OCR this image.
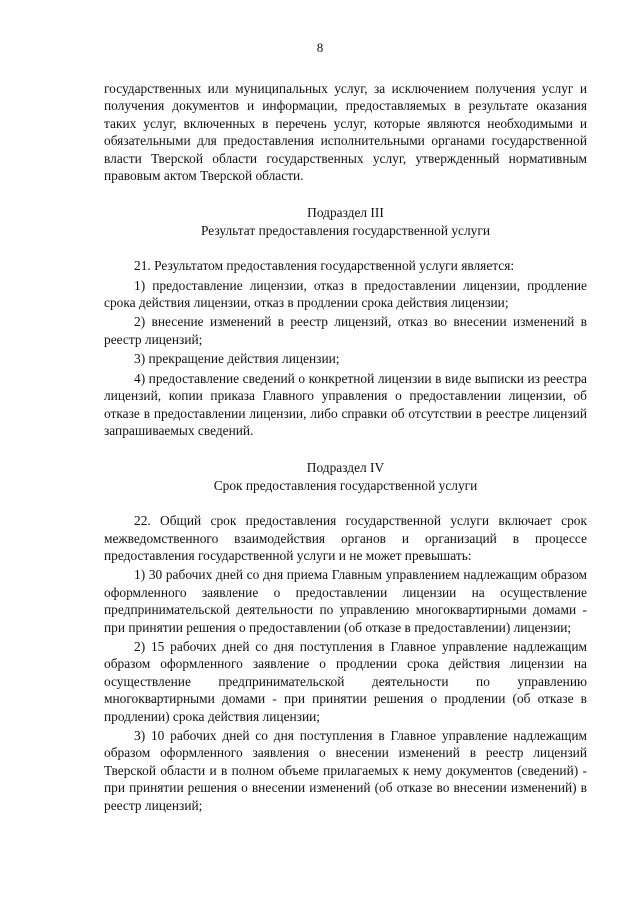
8

государственных или муниципальных услуг, за исключением получения услуг и получения документов и информации, предоставляемых в результате оказания таких услуг, включенных в перечень услуг, которые являются необходимыми и обязательными для предоставления исполнительными органами государственной власти Тверской области государственных услуг, утвержденный нормативным правовым актом Тверской области.

Подраздел III

Результат предоставления государственной услуги

21. Результатом предоставления государственной услуги является:

1) предоставление лицензии, отказ в предоставлении лицензии, продление срока действия лицензии, отказ в продлении срока действия лицензии;

2) внесение изменений в реестр лицензий, отказ во внесении изменений в реестр лицензий;

3) прекращение действия лицензии;

4) предоставление сведений о конкретной лицензии в виде выписки из реестра лицензий, копии приказа Главного управления о предоставлении лицензии, об отказе в предоставлении лицензии, либо справки об отсутствии в реестре лицензий запрашиваемых сведений.

Подраздел IV

Срок предоставления государственной услуги

22. Общий срок предоставления государственной услуги включает срок межведомственного взаимодействия органов и организаций в процессе предоставления государственной услуги и не может превышать:

1) 30 рабочих дней со дня приема Главным управлением надлежащим образом оформленного заявление о предоставлении лицензии на осуществление предпринимательской деятельности по управлению многоквартирными домами - при принятии решения о предоставлении (об отказе в предоставлении) лицензии;

2) 15 рабочих дней со дня поступления в Главное управление надлежащим образом оформленного заявление о продлении срока действия лицензии на осуществление предпринимательской деятельности по управлению многоквартирными домами - при принятии решения о продлении (об отказе в продлении) срока действия лицензии;

3) 10 рабочих дней со дня поступления в Главное управление надлежащим образом оформленного заявления о внесении изменений в реестр лицензий Тверской области и в полном объеме прилагаемых к нему документов (сведений) - при принятии решения о внесении изменений (об отказе во внесении изменений) в реестр лицензий;
